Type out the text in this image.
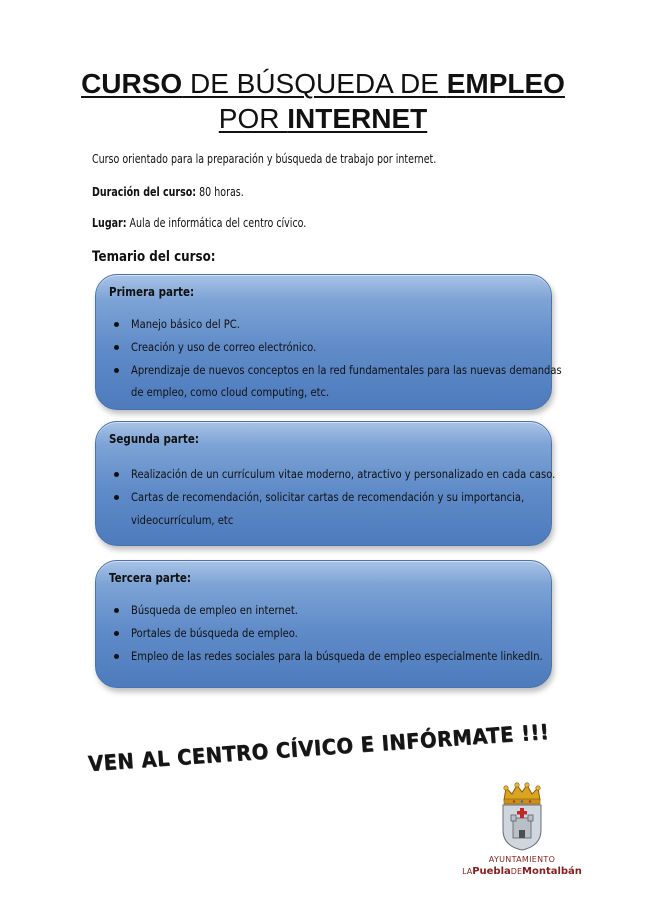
CURSO DE BÚSQUEDA DE EMPLEO
POR INTERNET
Curso orientado para la preparación y búsqueda de trabajo por internet.
Duración del curso: 80 horas.
Lugar: Aula de informática del centro cívico.
Temario del curso:
Primera parte:
Manejo básico del PC.
Creación y uso de correo electrónico.
Aprendizaje de nuevos conceptos en la red fundamentales para las nuevas demandas
de empleo, como cloud computing, etc.
Segunda parte:
Realización de un currículum vitae moderno, atractivo y personalizado en cada caso.
Cartas de recomendación, solicitar cartas de recomendación y su importancia,
videocurrículum, etc
Tercera parte:
Búsqueda de empleo en internet.
Portales de búsqueda de empleo.
Empleo de las redes sociales para la búsqueda de empleo especialmente linkedIn.
VEN AL CENTRO CÍVICO E INFÓRMATE !!!
AYUNTAMIENTO
LAPueblaDEMontalbán
